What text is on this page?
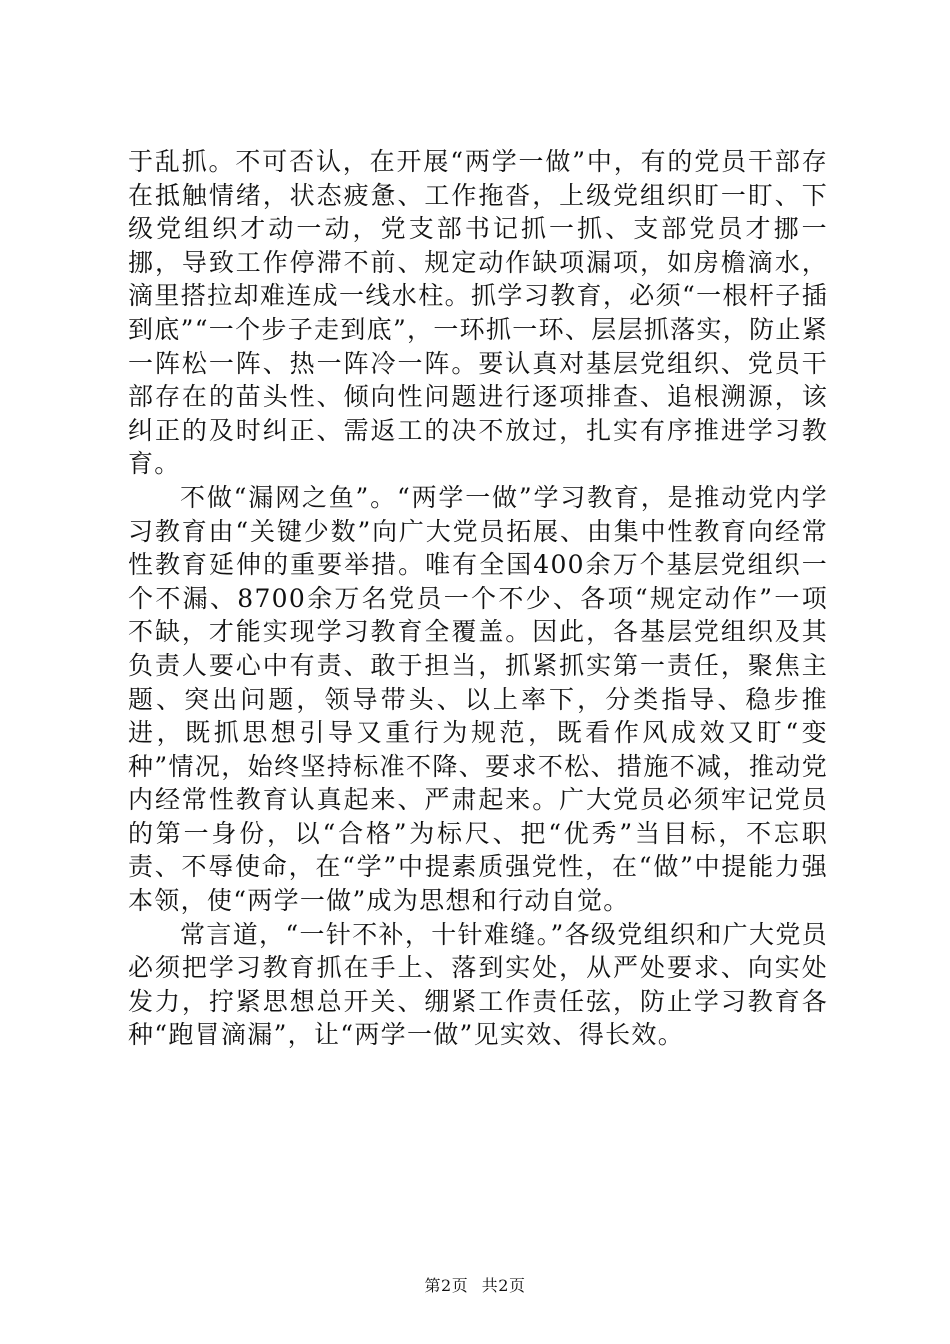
于乱抓。不可否认，在开展“两学一做”中，有的党员干部存在抵触情绪，状态疲惫、工作拖沓，上级党组织盯一盯、下级党组织才动一动，党支部书记抓一抓、支部党员才挪一挪，导致工作停滞不前、规定动作缺项漏项，如房檐滴水，滴里搭拉却难连成一线水柱。抓学习教育，必须“一根杆子插到底”“一个步子走到底”，一环抓一环、层层抓落实，防止紧一阵松一阵、热一阵冷一阵。要认真对基层党组织、党员干部存在的苗头性、倾向性问题进行逐项排查、追根溯源，该纠正的及时纠正、需返工的决不放过，扎实有序推进学习教育。

不做“漏网之鱼”。“两学一做”学习教育，是推动党内学习教育由“关键少数”向广大党员拓展、由集中性教育向经常性教育延伸的重要举措。唯有全国400余万个基层党组织一个不漏、8700余万名党员一个不少、各项“规定动作”一项不缺，才能实现学习教育全覆盖。因此，各基层党组织及其负责人要心中有责、敢于担当，抓紧抓实第一责任，聚焦主题、突出问题，领导带头、以上率下，分类指导、稳步推进，既抓思想引导又重行为规范，既看作风成效又盯“变种”情况，始终坚持标准不降、要求不松、措施不减，推动党内经常性教育认真起来、严肃起来。广大党员必须牢记党员的第一身份，以“合格”为标尺、把“优秀”当目标，不忘职责、不辱使命，在“学”中提素质强党性，在“做”中提能力强本领，使“两学一做”成为思想和行动自觉。

常言道，“一针不补，十针难缝。”各级党组织和广大党员必须把学习教育抓在手上、落到实处，从严处要求、向实处发力，拧紧思想总开关、绷紧工作责任弦，防止学习教育各种“跑冒滴漏”，让“两学一做”见实效、得长效。

第2页 共2页
